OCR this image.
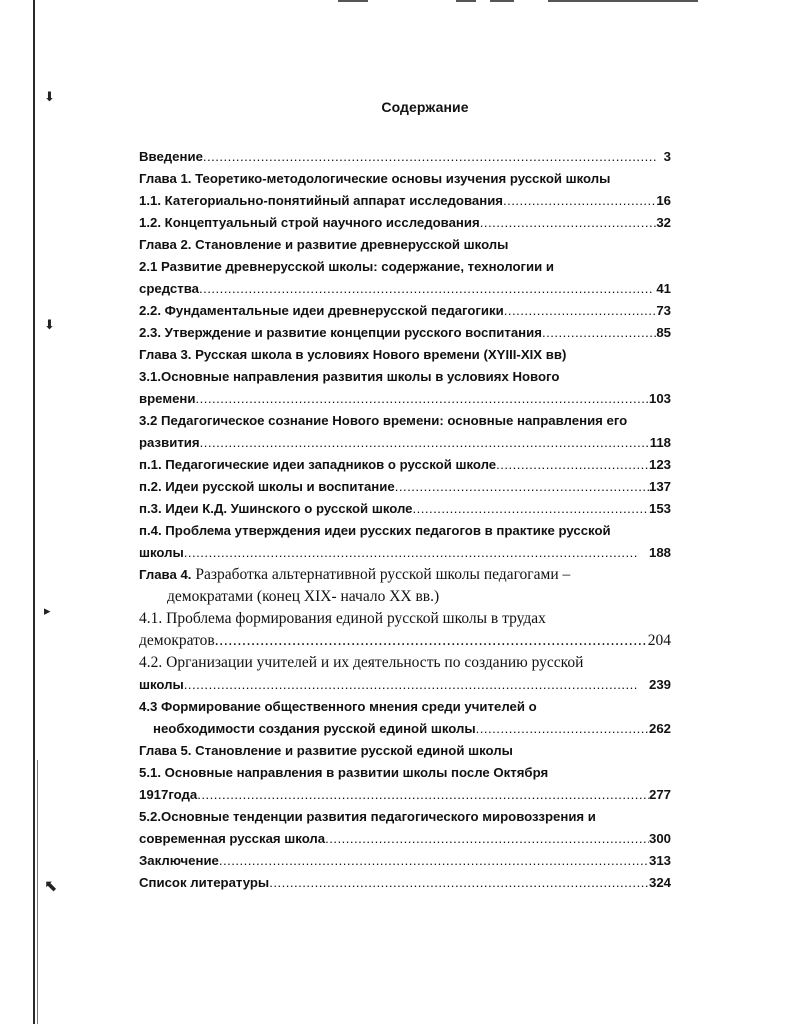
⬇
⬇
▸
⬉
Содержание
Введение . . .	3
Глава 1. Теоретико-методологические основы изучения русской школы
1.1. Категориально-понятийный аппарат исследования . . .	16
1.2. Концептуальный строй научного исследования . . .	32
Глава 2. Становление и развитие древнерусской школы
2.1 Развитие древнерусской школы: содержание, технологии и
средства . . .	41
2.2. Фундаментальные идеи древнерусской педагогики . . .	73
2.3. Утверждение и развитие концепции русского воспитания . . .	85
Глава 3. Русская школа в условиях Нового времени (XYIII-XIX вв)
3.1.Основные направления развития школы в условиях Нового
времени . . .	103
3.2 Педагогическое сознание Нового времени: основные направления его
развития . . .	118
п.1. Педагогические идеи западников о русской школе . . .	123
п.2. Идеи русской школы и воспитание . . .	137
п.3. Идеи К.Д. Ушинского о русской школе . . .	153
п.4. Проблема утверждения идеи русских педагогов в практике русской
школы . . .	188
Глава 4. Разработка альтернативной русской школы педагогами –
демократами (конец XIX- начало XX вв.)
4.1. Проблема формирования единой русской школы в трудах
демократов . . .	204
4.2. Организации учителей и их деятельность по созданию русской
школы . . .	239
4.3 Формирование общественного мнения среди учителей о
необходимости создания русской единой школы . . .	262
Глава 5. Становление и развитие русской единой школы
5.1. Основные направления в развитии школы после Октября
1917года . . .	277
5.2.Основные тенденции развития педагогического мировоззрения и
современная русская школа . . .	300
Заключение . . .	313
Список литературы . . .	324
